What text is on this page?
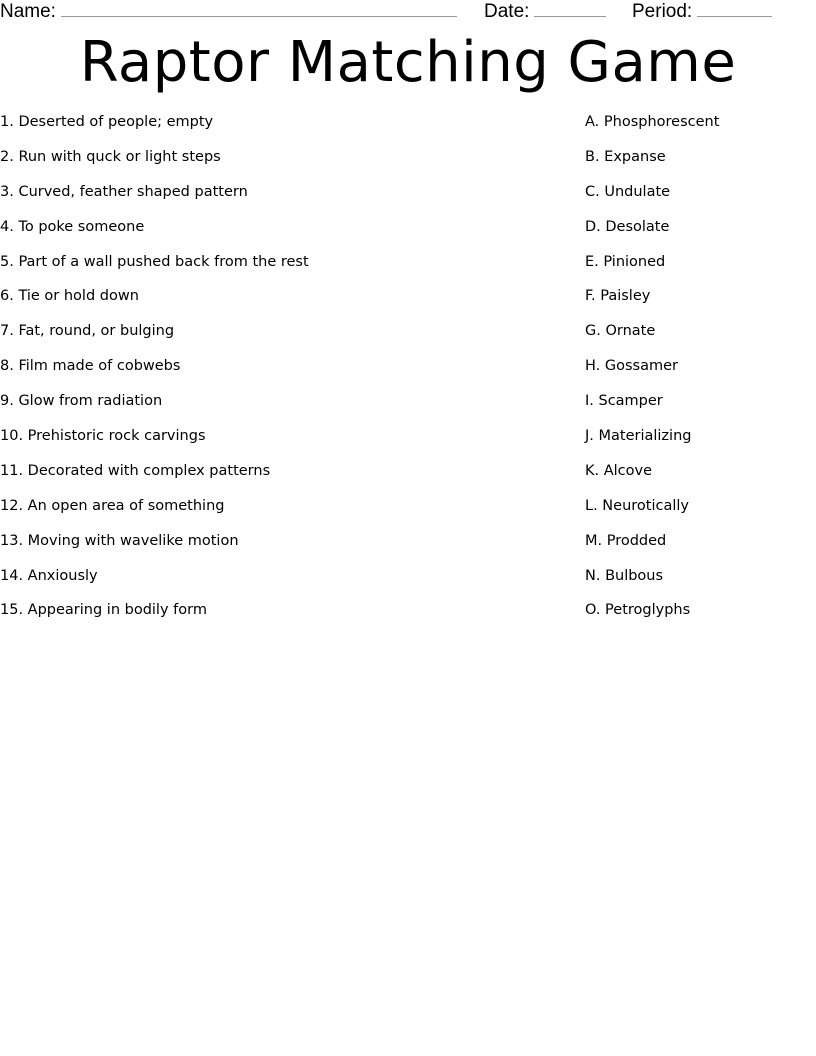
Name:	Date:	Period:
Raptor Matching Game
1. Deserted of people; empty
2. Run with quck or light steps
3. Curved, feather shaped pattern
4. To poke someone
5. Part of a wall pushed back from the rest
6. Tie or hold down
7. Fat, round, or bulging
8. Film made of cobwebs
9. Glow from radiation
10. Prehistoric rock carvings
11. Decorated with complex patterns
12. An open area of something
13. Moving with wavelike motion
14. Anxiously
15. Appearing in bodily form
A. Phosphorescent
B. Expanse
C. Undulate
D. Desolate
E. Pinioned
F. Paisley
G. Ornate
H. Gossamer
I. Scamper
J. Materializing
K. Alcove
L. Neurotically
M. Prodded
N. Bulbous
O. Petroglyphs
